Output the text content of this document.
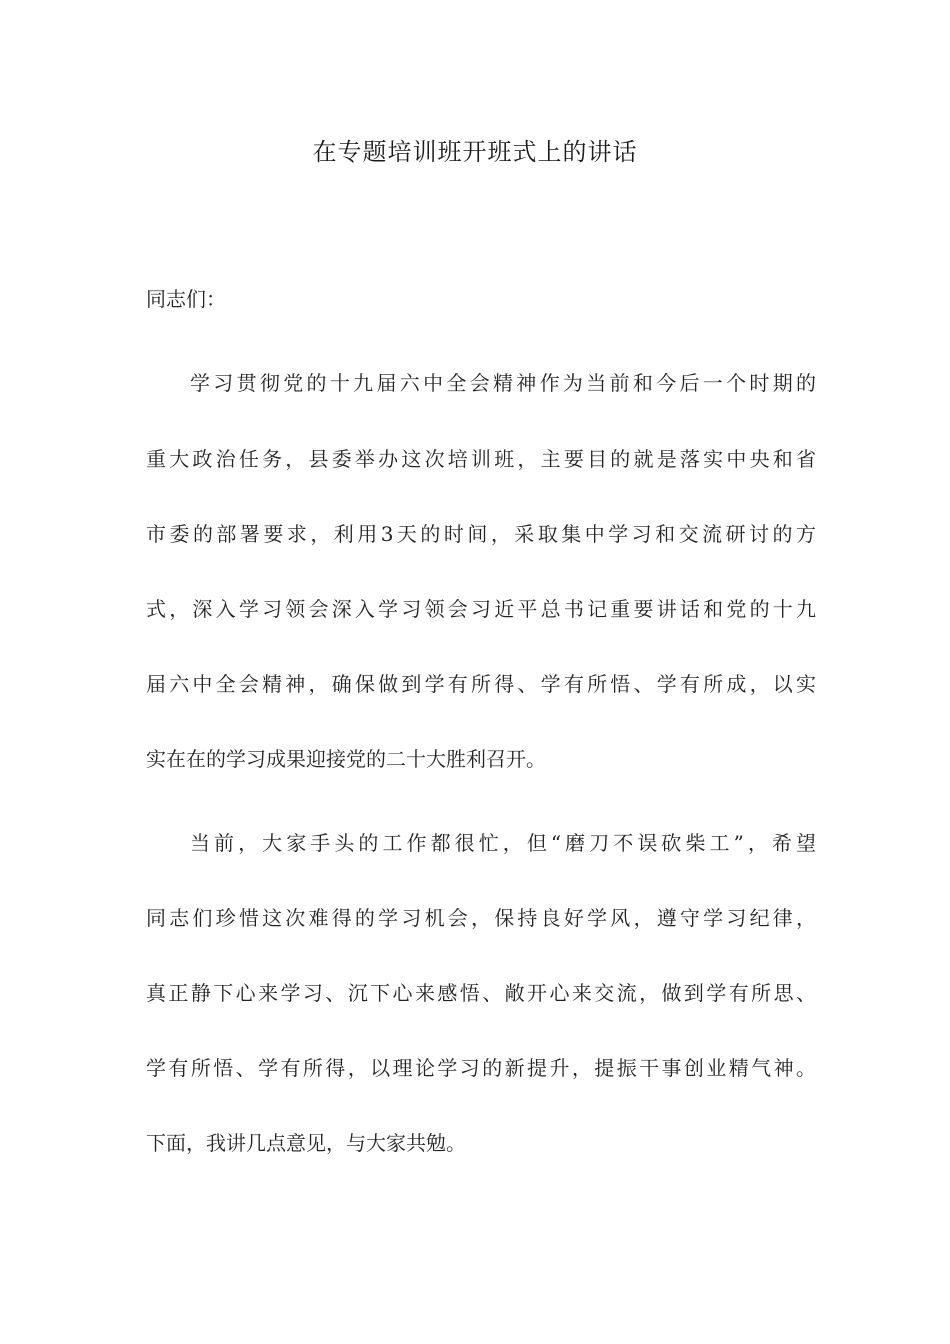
在专题培训班开班式上的讲话
同志们：
学习贯彻党的十九届六中全会精神作为当前和今后一个时期的
重大政治任务，县委举办这次培训班，主要目的就是落实中央和省
市委的部署要求，利用3天的时间，采取集中学习和交流研讨的方
式，深入学习领会深入学习领会习近平总书记重要讲话和党的十九
届六中全会精神，确保做到学有所得、学有所悟、学有所成，以实
实在在的学习成果迎接党的二十大胜利召开。
当前，大家手头的工作都很忙，但“磨刀不误砍柴工”，希望
同志们珍惜这次难得的学习机会，保持良好学风，遵守学习纪律，
真正静下心来学习、沉下心来感悟、敞开心来交流，做到学有所思、
学有所悟、学有所得，以理论学习的新提升，提振干事创业精气神。
下面，我讲几点意见，与大家共勉。
